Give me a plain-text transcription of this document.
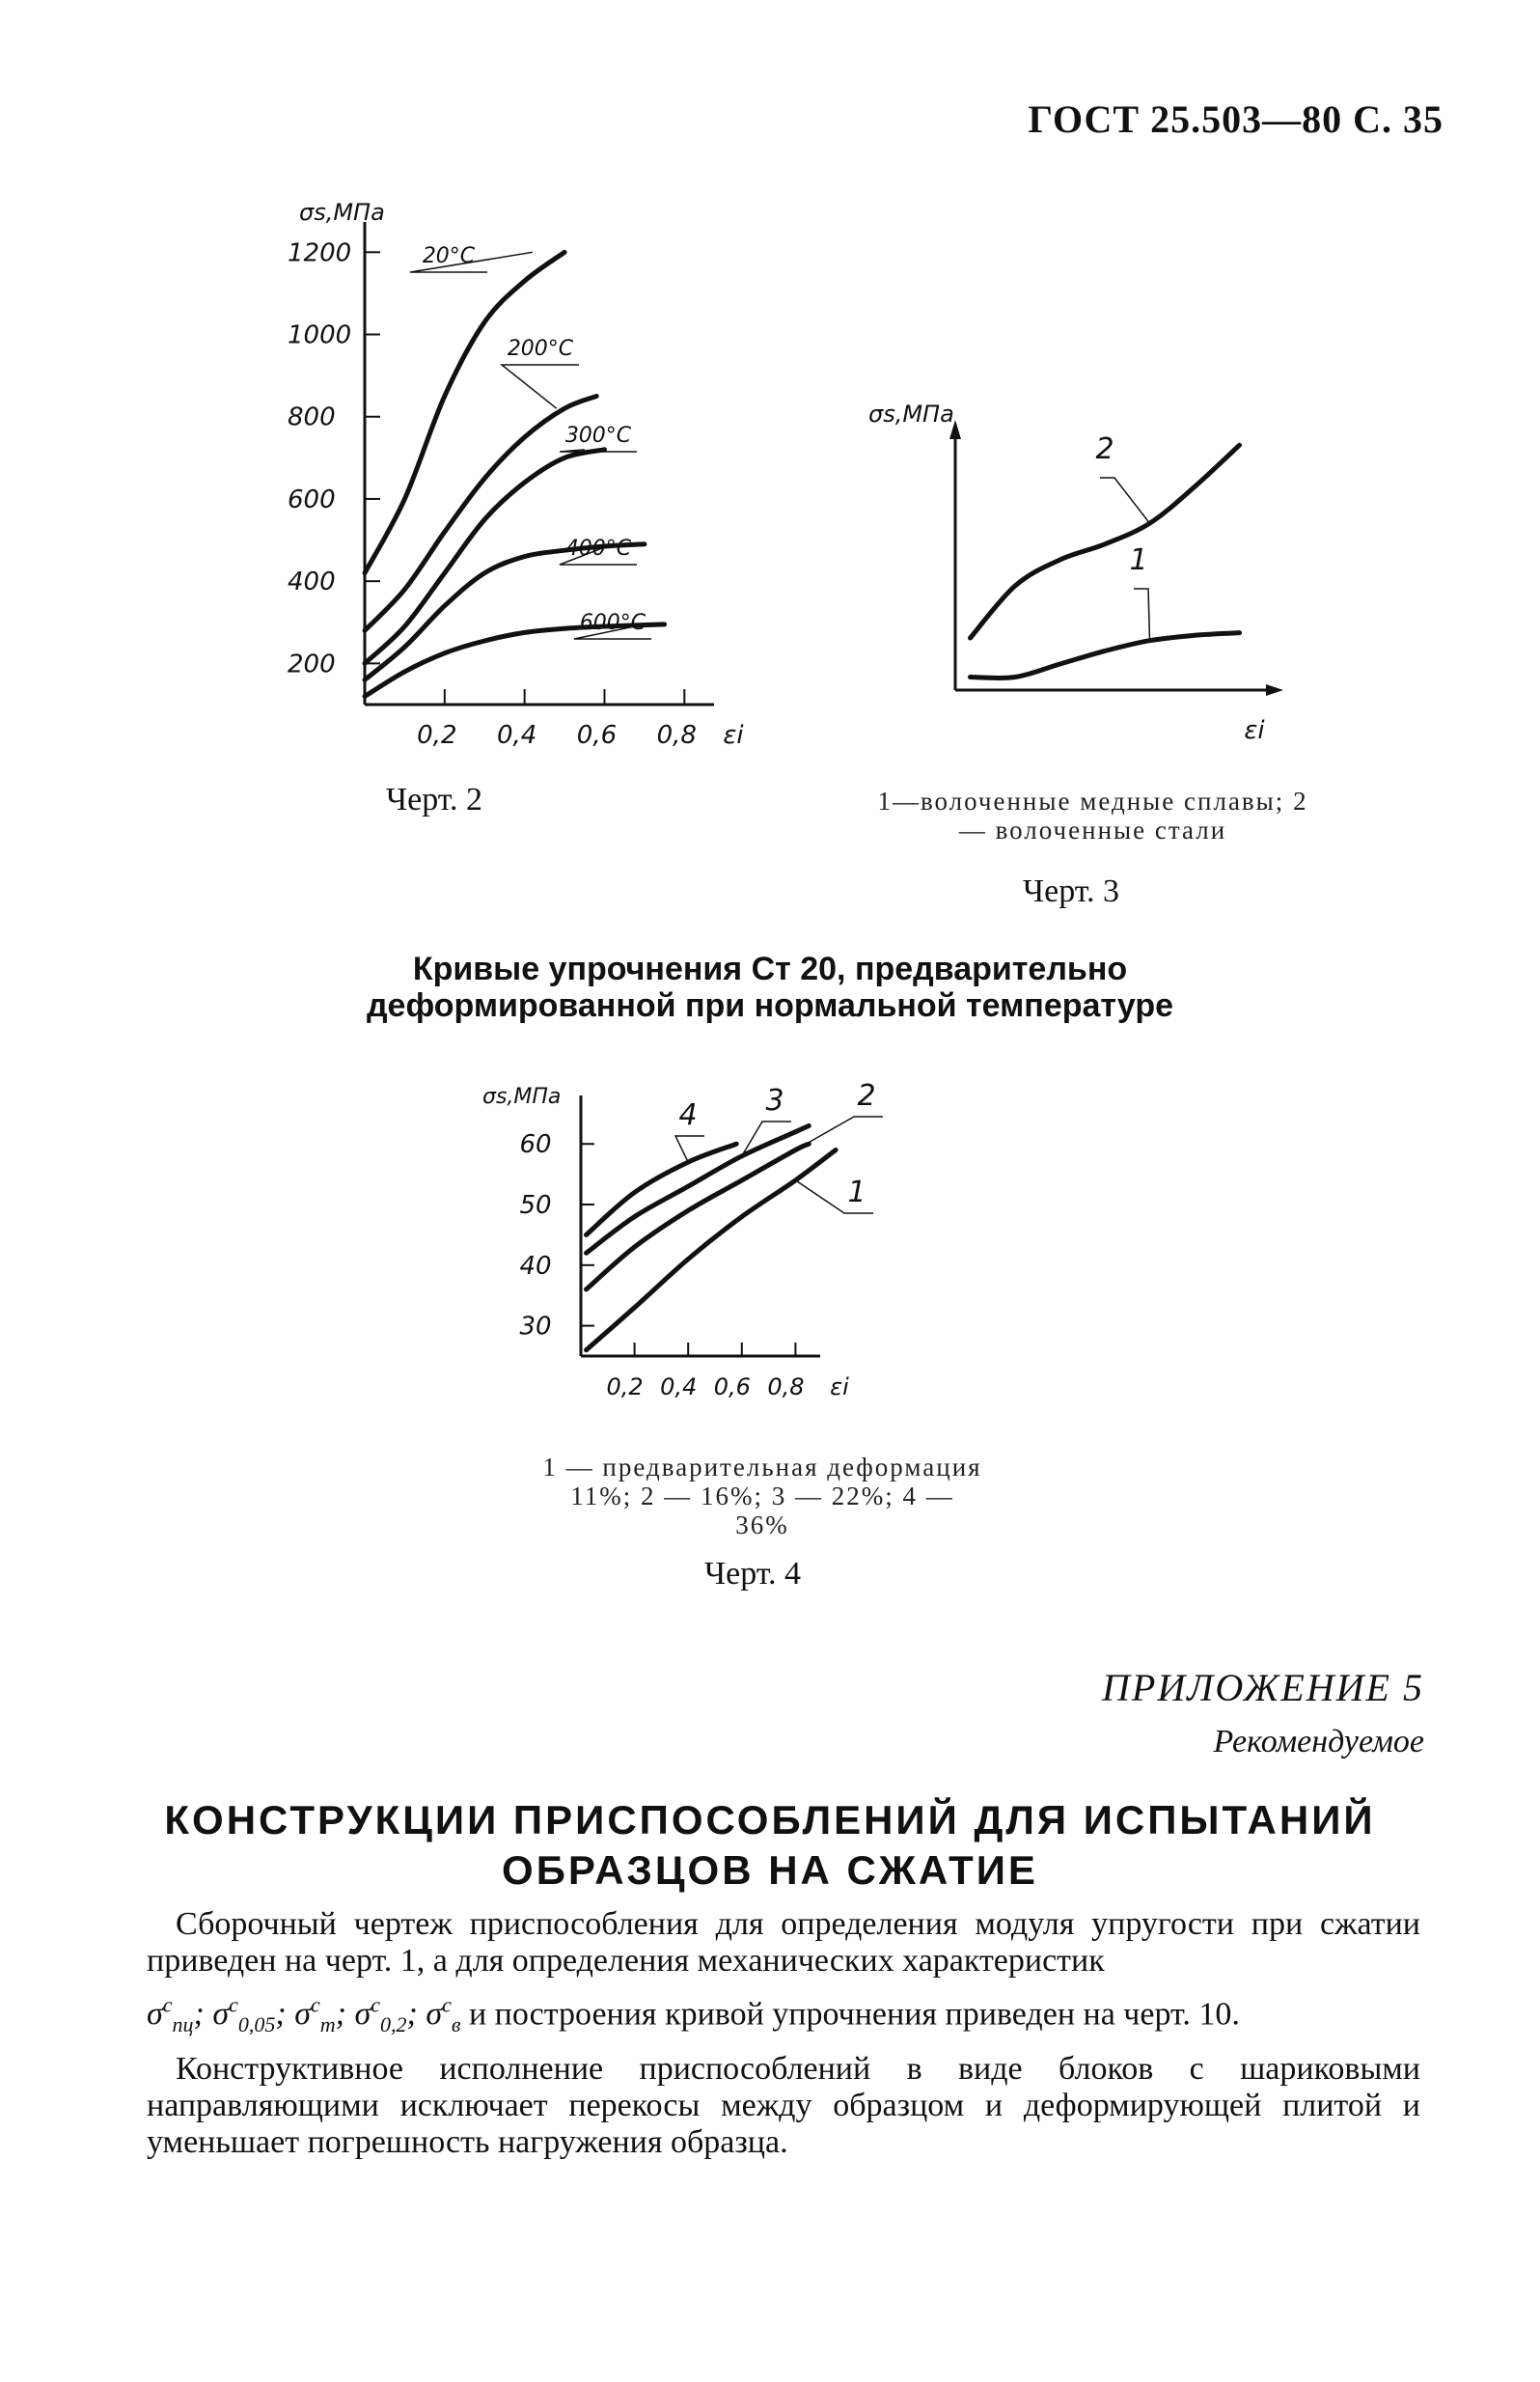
ГОСТ 25.503—80 С. 35
σs,МПа
εi
1200
1000
800
600
400
200
0,2 0,4 0,6 0,8
20°C
200°C
300°C
400°C
600°C
Черт. 2
σs,МПа
εi
1
2
1—волоченные медные сплавы; 2 — волоченные стали
Черт. 3
Кривые упрочнения Ст 20, предварительно деформированной при нормальной температуре
σs,МПа
εi
60
50
40
30
0,2 0,4 0,6 0,8
1
2
3
4
1 — предварительная деформация 11%; 2 — 16%; 3 — 22%; 4 — 36%
Черт. 4
ПРИЛОЖЕНИЕ 5
Рекомендуемое
КОНСТРУКЦИИ ПРИСПОСОБЛЕНИЙ ДЛЯ ИСПЫТАНИЙ
ОБРАЗЦОВ НА СЖАТИЕ

Сборочный чертеж приспособления для определения модуля упругости при сжатии приведен на черт. 1, а для определения механических характеристик

$\sigma^c_{пц}$; $\sigma^c_{0,05}$; $\sigma^c_т$; $\sigma^c_{0,2}$; $\sigma^c_в$ и построения кривой упрочнения приведен на черт. 10.

Конструктивное исполнение приспособлений в виде блоков с шариковыми направляющими исключает перекосы между образцом и деформирующей плитой и уменьшает погрешность нагружения образца.
